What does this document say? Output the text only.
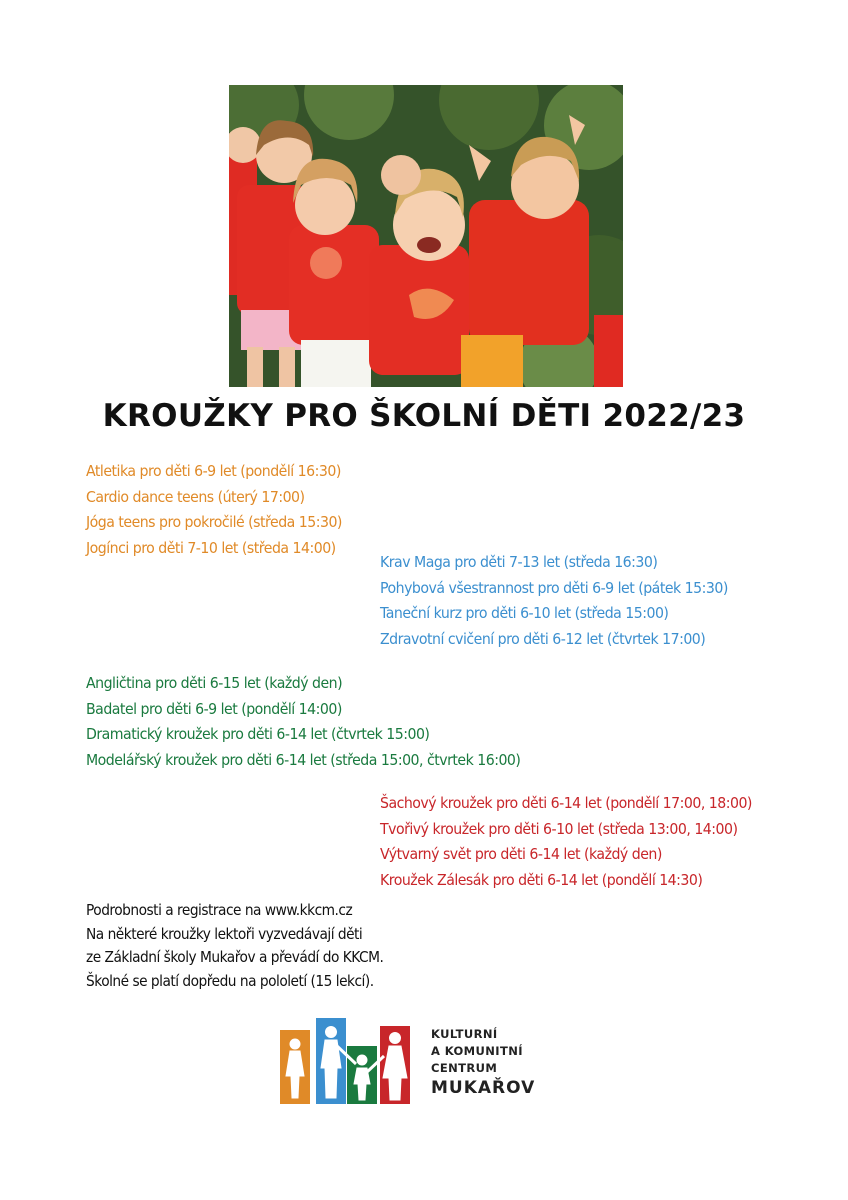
KROUŽKY PRO ŠKOLNÍ DĚTI 2022/23
Atletika pro děti 6-9 let (pondělí 16:30)
Cardio dance teens (úterý 17:00)
Jóga teens pro pokročilé (středa 15:30)
Jogínci pro děti 7-10 let (středa 14:00)
Krav Maga pro děti 7-13 let (středa 16:30)
Pohybová všestrannost pro děti 6-9 let (pátek 15:30)
Taneční kurz pro děti 6-10 let (středa 15:00)
Zdravotní cvičení pro děti 6-12 let (čtvrtek 17:00)
Angličtina pro děti 6-15 let (každý den)
Badatel pro děti 6-9 let (pondělí 14:00)
Dramatický kroužek pro děti 6-14 let (čtvrtek 15:00)
Modelářský kroužek pro děti 6-14 let (středa 15:00, čtvrtek 16:00)
Šachový kroužek pro děti 6-14 let (pondělí 17:00, 18:00)
Tvořivý kroužek pro děti 6-10 let (středa 13:00, 14:00)
Výtvarný svět pro děti 6-14 let (každý den)
Kroužek Zálesák pro děti 6-14 let (pondělí 14:30)
Podrobnosti a registrace na www.kkcm.cz
Na některé kroužky lektoři vyzvedávají děti
ze Základní školy Mukařov a převádí do KKCM.
Školné se platí dopředu na pololetí (15 lekcí).
KULTURNÍ
A KOMUNITNÍ
CENTRUM
MUKAŘOV
